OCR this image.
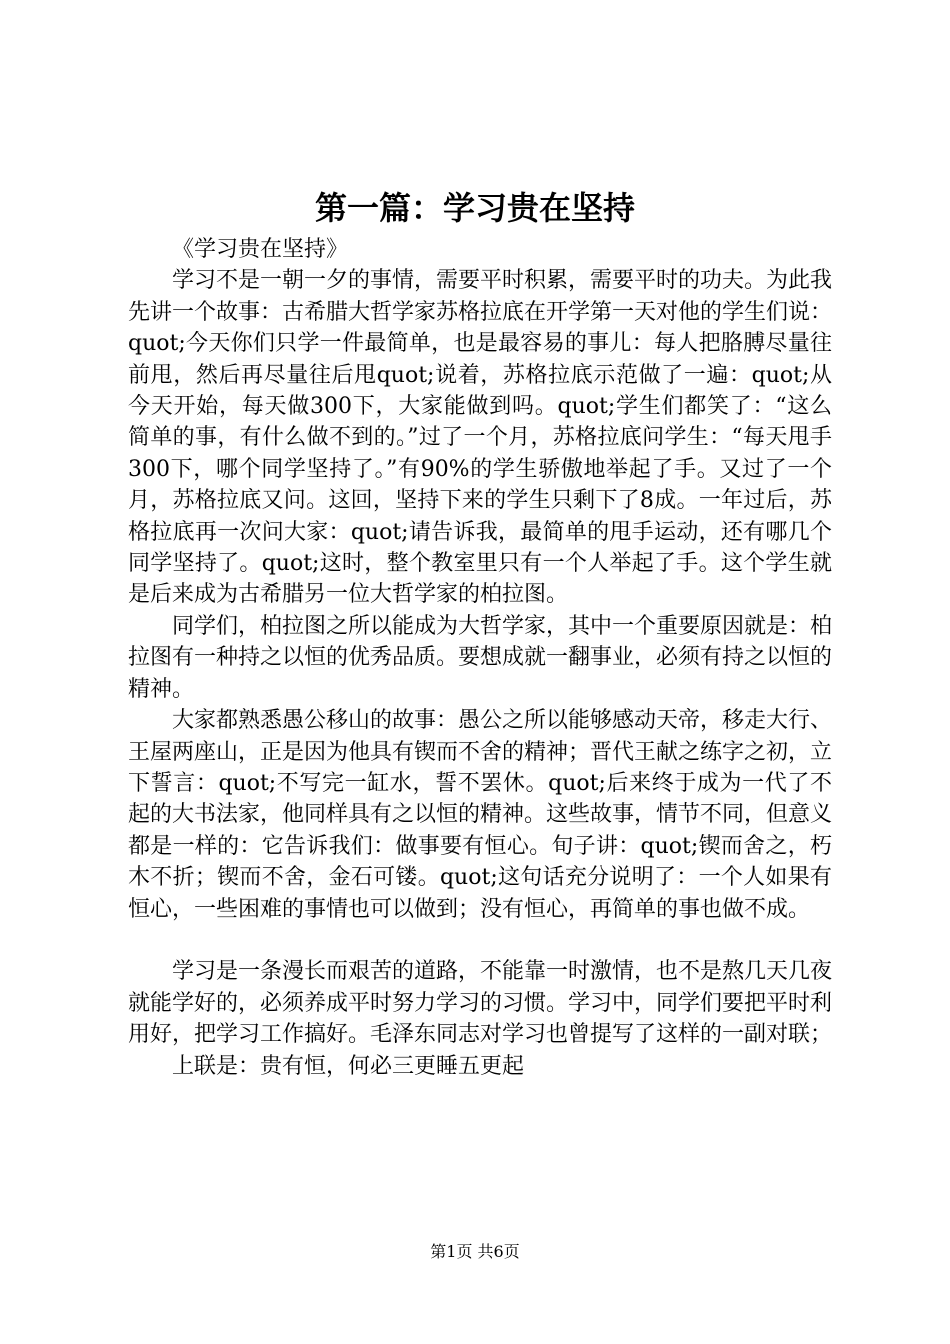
第一篇：学习贵在坚持

《学习贵在坚持》

学习不是一朝一夕的事情，需要平时积累，需要平时的功夫。为此我先讲一个故事：古希腊大哲学家苏格拉底在开学第一天对他的学生们说：quot;今天你们只学一件最简单，也是最容易的事儿：每人把胳膊尽量往前甩，然后再尽量往后甩quot;说着，苏格拉底示范做了一遍：quot;从今天开始，每天做300下，大家能做到吗。quot;学生们都笑了：“这么简单的事，有什么做不到的。”过了一个月，苏格拉底问学生：“每天甩手300下，哪个同学坚持了。”有90%的学生骄傲地举起了手。又过了一个月，苏格拉底又问。这回，坚持下来的学生只剩下了8成。一年过后，苏格拉底再一次问大家：quot;请告诉我，最简单的甩手运动，还有哪几个同学坚持了。quot;这时，整个教室里只有一个人举起了手。这个学生就是后来成为古希腊另一位大哲学家的柏拉图。

同学们，柏拉图之所以能成为大哲学家，其中一个重要原因就是：柏拉图有一种持之以恒的优秀品质。要想成就一翻事业，必须有持之以恒的精神。

大家都熟悉愚公移山的故事：愚公之所以能够感动天帝，移走大行、王屋两座山，正是因为他具有锲而不舍的精神；晋代王献之练字之初，立下誓言：quot;不写完一缸水，誓不罢休。quot;后来终于成为一代了不起的大书法家，他同样具有之以恒的精神。这些故事，情节不同，但意义都是一样的：它告诉我们：做事要有恒心。旬子讲：quot;锲而舍之，朽木不折；锲而不舍，金石可镂。quot;这句话充分说明了：一个人如果有恒心，一些困难的事情也可以做到；没有恒心，再简单的事也做不成。

学习是一条漫长而艰苦的道路，不能靠一时激情，也不是熬几天几夜就能学好的，必须养成平时努力学习的习惯。学习中，同学们要把平时利用好，把学习工作搞好。毛泽东同志对学习也曾提写了这样的一副对联；

上联是：贵有恒，何必三更睡五更起

第1页 共6页
